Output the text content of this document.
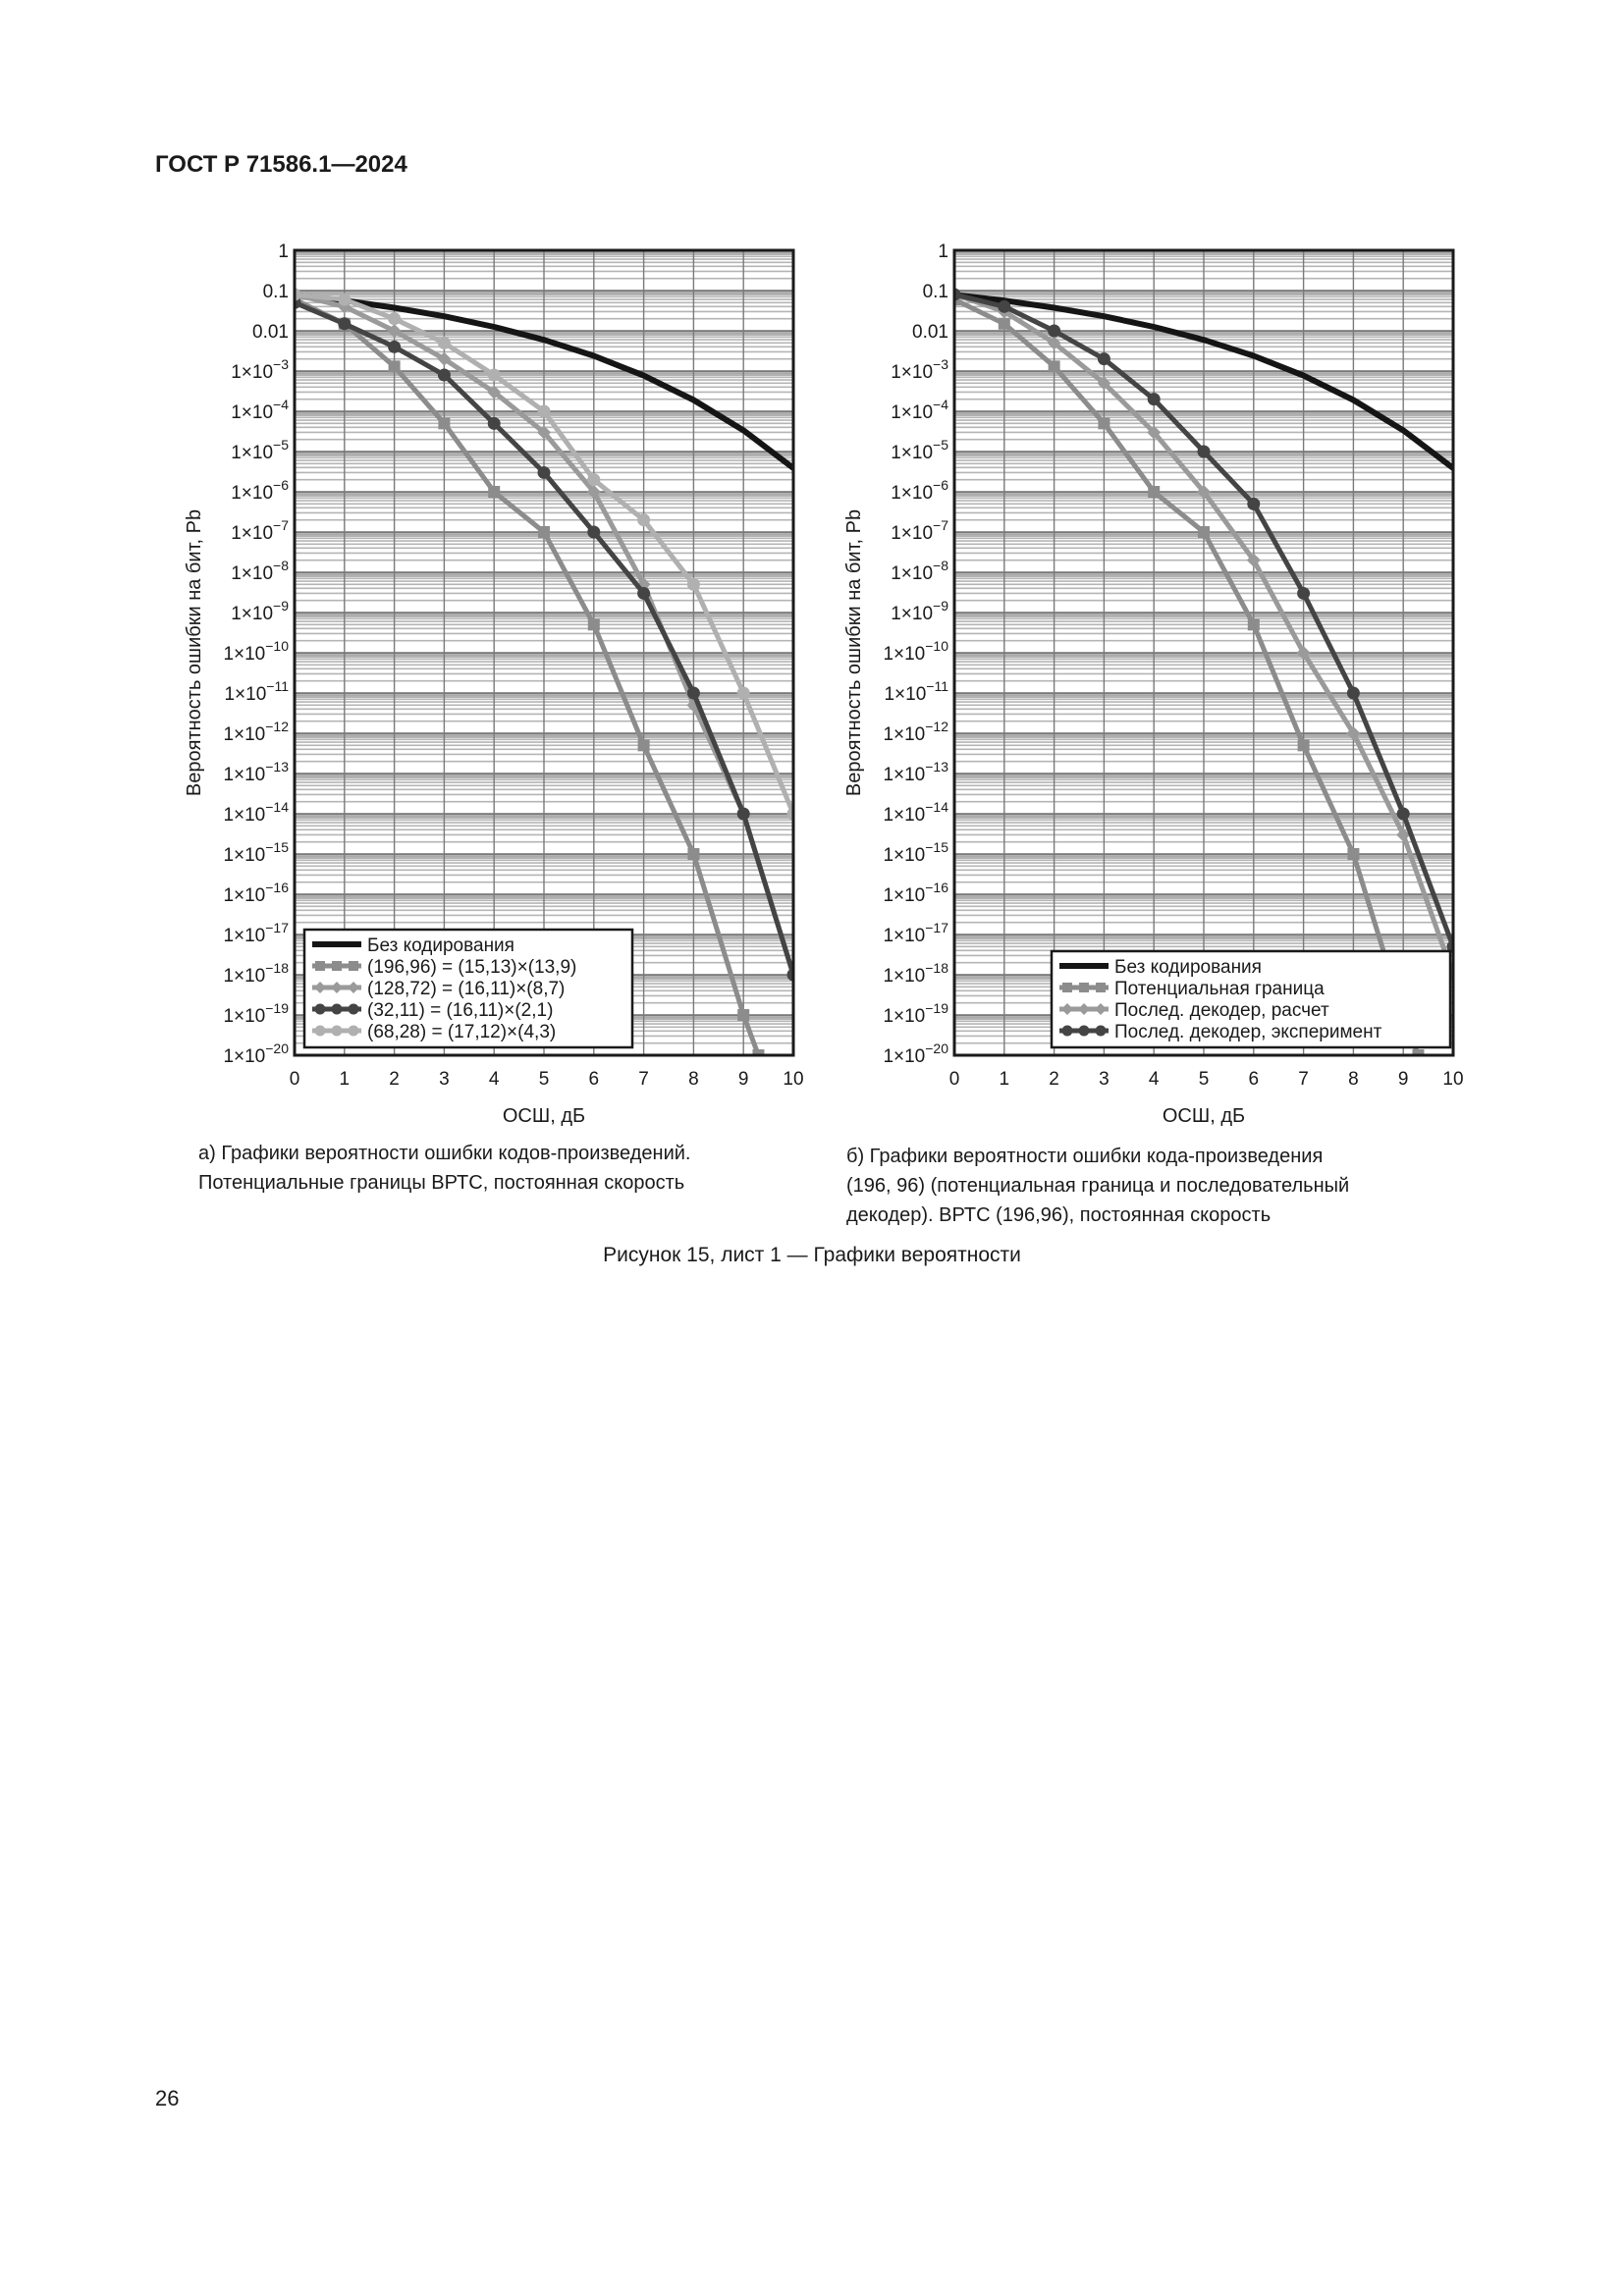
ГОСТ Р 71586.1—2024
1
0.1
0.01
$1\times 10^{-3}$
$1\times 10^{-4}$
$1\times 10^{-5}$
$1\times 10^{-6}$
$1\times 10^{-7}$
$1\times 10^{-8}$
$1\times 10^{-9}$
$1\times 10^{-10}$
$1\times 10^{-11}$
$1\times 10^{-12}$
$1\times 10^{-13}$
$1\times 10^{-14}$
$1\times 10^{-15}$
$1\times 10^{-16}$
$1\times 10^{-17}$
$1\times 10^{-18}$
$1\times 10^{-19}$
$1\times 10^{-20}$
0 1 2 3 4 5 6 7 8 9 10
ОСШ, дБ
Вероятность ошибки на бит, Pb
Без кодирования
(196,96) = (15,13)×(13,9)
(128,72) = (16,11)×(8,7)
(32,11) = (16,11)×(2,1)
(68,28) = (17,12)×(4,3)
1
0.1
0.01
$1\times 10^{-3}$
$1\times 10^{-4}$
$1\times 10^{-5}$
$1\times 10^{-6}$
$1\times 10^{-7}$
$1\times 10^{-8}$
$1\times 10^{-9}$
$1\times 10^{-10}$
$1\times 10^{-11}$
$1\times 10^{-12}$
$1\times 10^{-13}$
$1\times 10^{-14}$
$1\times 10^{-15}$
$1\times 10^{-16}$
$1\times 10^{-17}$
$1\times 10^{-18}$
$1\times 10^{-19}$
$1\times 10^{-20}$
0 1 2 3 4 5 6 7 8 9 10
ОСШ, дБ
Вероятность ошибки на бит, Pb
Без кодирования
Потенциальная граница
Послед. декодер, расчет
Послед. декодер, эксперимент
а) Графики вероятности ошибки кодов-произведений.
Потенциальные границы ВРТС, постоянная скорость
б) Графики вероятности ошибки кода-произведения
(196, 96) (потенциальная граница и последовательный
декодер). ВРТС (196,96), постоянная скорость
Рисунок 15, лист 1 — Графики вероятности
26
